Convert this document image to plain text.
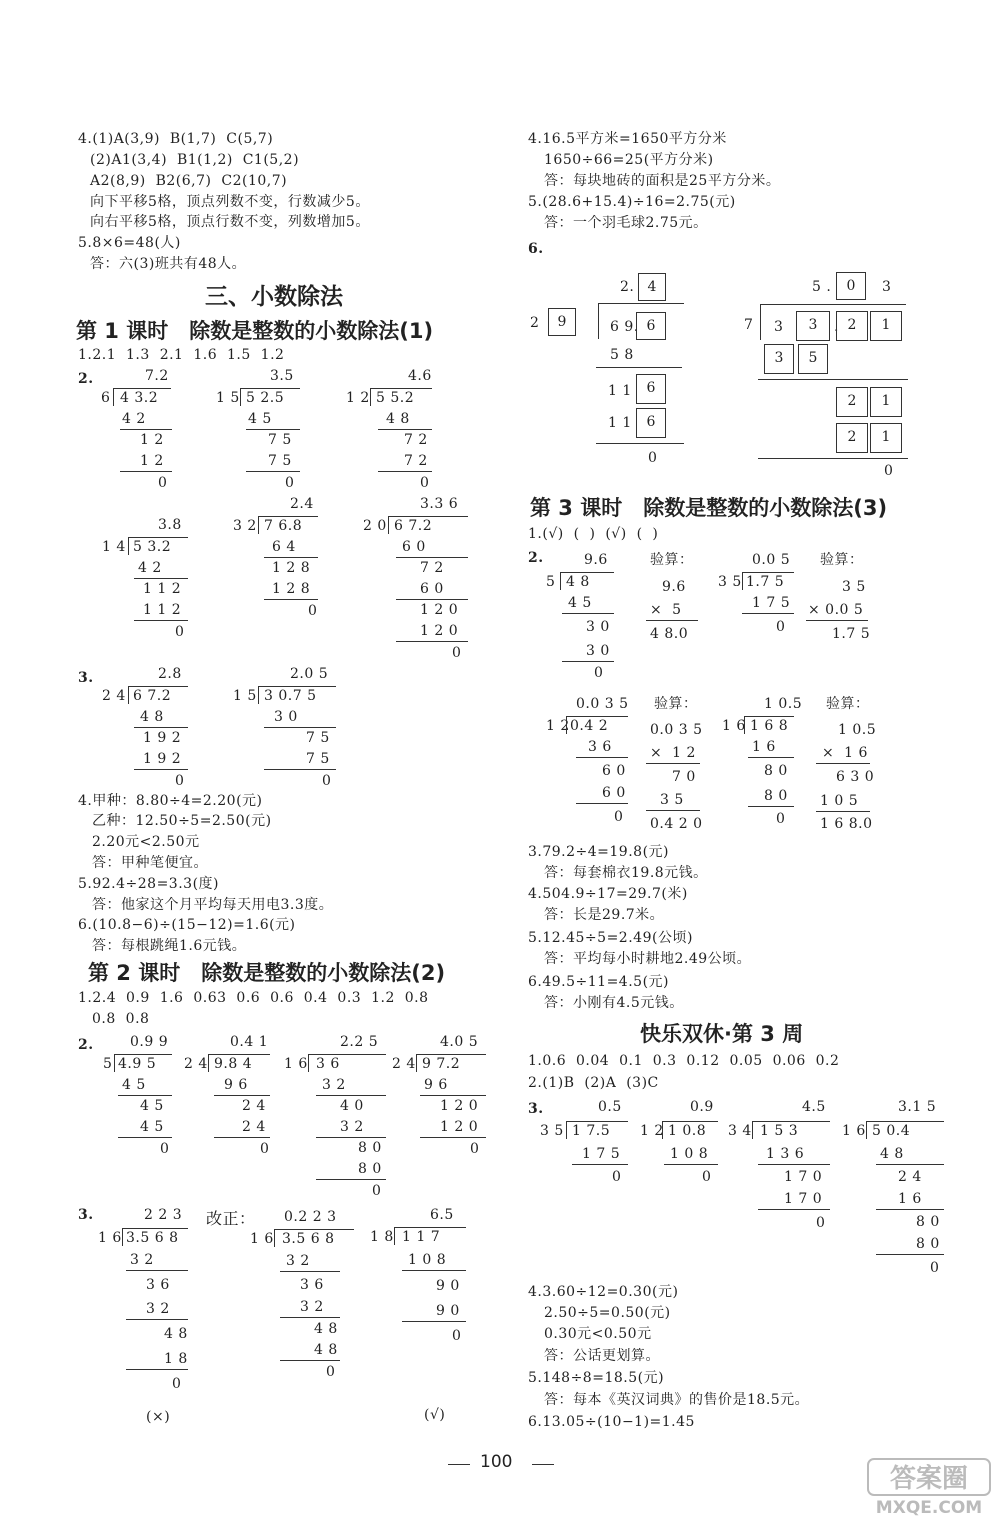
4.(1)A(3,9)  B(1,7)  C(5,7)
(2)A1(3,4)  B1(1,2)  C1(5,2)
A2(8,9)  B2(6,7)  C2(10,7)
向下平移5格，顶点列数不变，行数减少5。
向右平移5格，顶点行数不变，列数增加5。
5.8×6=48(人)
答：六(3)班共有48人。
三、小数除法
第 1 课时　除数是整数的小数除法(1)
1.2.1  1.3  2.1  1.6  1.5  1.2
2.	7.2
6 4 3.2
4 2
1 2
1 2
0
3.5
1 5 5 2.5
4 5
7 5
7 5
0
4.6
1 2 5 5.2
4 8
7 2
7 2
0
3.8
1 4 5 3.2
4 2
1 1 2
1 1 2
0
2.4
3 2 7 6.8
6 4
1 2 8
1 2 8
0
3.3 6
2 0 6 7.2
6 0
7 2
6 0
1 2 0
1 2 0
0
3.	2.8
2 4 6 7.2
4 8
1 9 2
1 9 2
0
2.0 5
1 5 3 0.7 5
3 0
7 5
7 5
0
4.甲种：8.80÷4=2.20(元)
乙种：12.50÷5=2.50(元)
2.20元<2.50元
答：甲种笔便宜。
5.92.4÷28=3.3(度)
答：他家这个月平均每天用电3.3度。
6.(10.8−6)÷(15−12)=1.6(元)
答：每根跳绳1.6元钱。
第 2 课时　除数是整数的小数除法(2)
1.2.4  0.9  1.6  0.63  0.6  0.6  0.4  0.3  1.2  0.8
0.8  0.8
2.	0.9 9
5 4.9 5
4 5
4 5
4 5
0
0.4 1
2 4 9.8 4
9 6
2 4
2 4
0
2.2 5
1 6 3 6
3 2
4 0
3 2
8 0
8 0
0
4.0 5
2 4 9 7.2
9 6
1 2 0
1 2 0
0
3.	2 2 3
1 6 3.5 6 8
3 2
3 6
3 2
4 8
1 8
0
改正： 0.2 2 3
1 6 3.5 6 8
3 2
3 6
3 2
4 8
4 8
0
6.5
1 8 1 1 7
1 0 8
9 0
9 0
0
(×)	(√)
4.16.5平方米=1650平方分米
1650÷66=25(平方分米)
答：每块地砖的面积是25平方分米。
5.(28.6+15.4)÷16=2.75(元)
答：一个羽毛球2.75元。
6.
2. 4
2	9	6 9. 6
5 8
1 1	6
1 1	6
0
5 .	0	3
7 3	3	. 2	1
3	5
2	1
2	1
0
第 3 课时　除数是整数的小数除法(3)
1.(√)  (  )  (√)  (  )
2.	9.6
5 4 8
4 5
3 0
3 0
0
验算：
9.6
×  5
4 8.0
0.0 5
3 5 1.7 5
1 7 5
0
验算：
3 5
× 0.0 5
1.7 5
0.0 3 5
1 2 0.4 2
3 6
6 0
6 0
0
验算：
0.0 3 5
×  1 2
7 0
3 5
0.4 2 0
1 0.5
1 6 1 6 8
1 6
8 0
8 0
0
验算：
1 0.5
×  1 6
6 3 0
1 0 5
1 6 8.0
3.79.2÷4=19.8(元)
答：每套棉衣19.8元钱。
4.504.9÷17=29.7(米)
答：长是29.7米。
5.12.45÷5=2.49(公顷)
答：平均每小时耕地2.49公顷。
6.49.5÷11=4.5(元)
答：小刚有4.5元钱。
快乐双休·第 3 周
1.0.6  0.04  0.1  0.3  0.12  0.05  0.06  0.2
2.(1)B  (2)A  (3)C
3.	0.5
3 5 1 7.5
1 7 5
0
0.9
1 2 1 0.8
1 0 8
0
4.5
3 4 1 5 3
1 3 6
1 7 0
1 7 0
0
3.1 5
1 6 5 0.4
4 8
2 4
1 6
8 0
8 0
0
4.3.60÷12=0.30(元)
2.50÷5=0.50(元)
0.30元<0.50元
答：公话更划算。
5.148÷8=18.5(元)
答：每本《英汉词典》的售价是18.5元。
6.13.05÷(10−1)=1.45
100
答案圈
MXQE.COM
